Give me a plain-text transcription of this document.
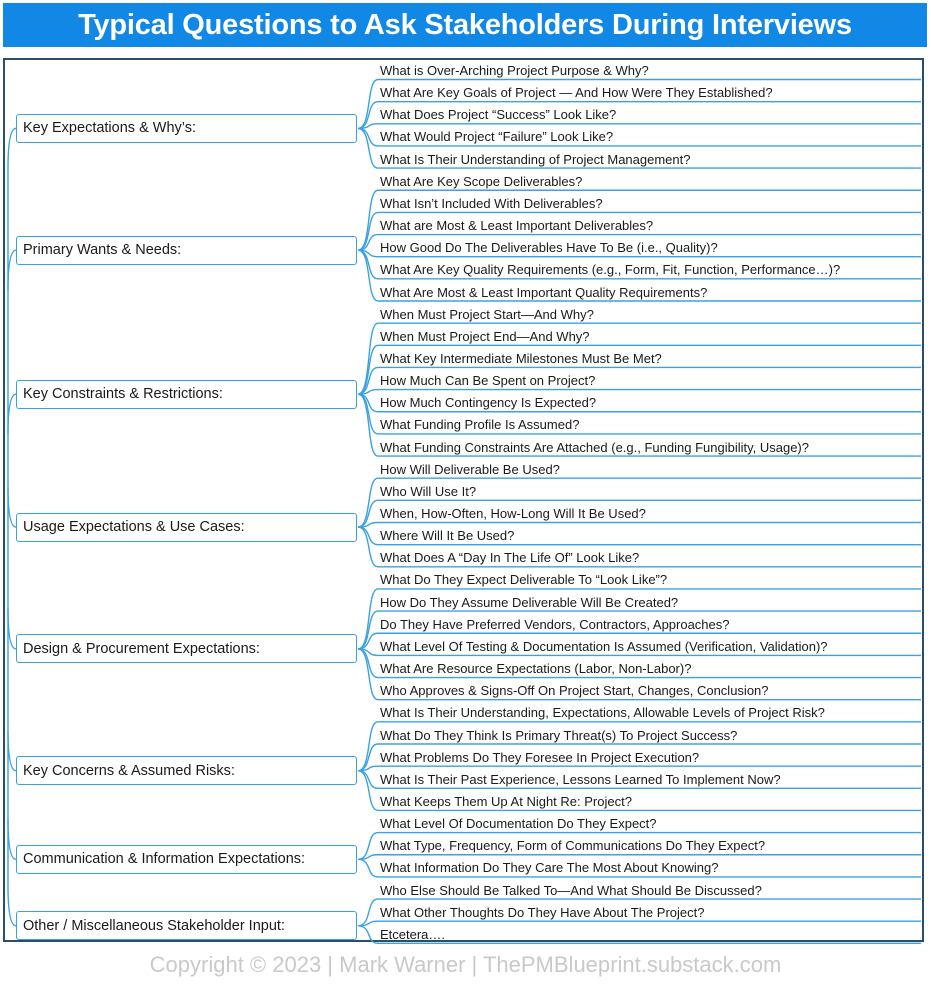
Typical Questions to Ask Stakeholders During Interviews
Key Expectations & Why’s:
What is Over-Arching Project Purpose & Why?
What Are Key Goals of Project — And How Were They Established?
What Does Project “Success” Look Like?
What Would Project “Failure” Look Like?
What Is Their Understanding of Project Management?
Primary Wants & Needs:
What Are Key Scope Deliverables?
What Isn’t Included With Deliverables?
What are Most & Least Important Deliverables?
How Good Do The Deliverables Have To Be (i.e., Quality)?
What Are Key Quality Requirements (e.g., Form, Fit, Function, Performance…)?
What Are Most & Least Important Quality Requirements?
Key Constraints & Restrictions:
When Must Project Start—And Why?
When Must Project End—And Why?
What Key Intermediate Milestones Must Be Met?
How Much Can Be Spent on Project?
How Much Contingency Is Expected?
What Funding Profile Is Assumed?
What Funding Constraints Are Attached (e.g., Funding Fungibility, Usage)?
Usage Expectations & Use Cases:
How Will Deliverable Be Used?
Who Will Use It?
When, How-Often, How-Long Will It Be Used?
Where Will It Be Used?
What Does A “Day In The Life Of” Look Like?
Design & Procurement Expectations:
What Do They Expect Deliverable To “Look Like”?
How Do They Assume Deliverable Will Be Created?
Do They Have Preferred Vendors, Contractors, Approaches?
What Level Of Testing & Documentation Is Assumed (Verification, Validation)?
What Are Resource Expectations (Labor, Non-Labor)?
Who Approves & Signs-Off On Project Start, Changes, Conclusion?
Key Concerns & Assumed Risks:
What Is Their Understanding, Expectations, Allowable Levels of Project Risk?
What Do They Think Is Primary Threat(s) To Project Success?
What Problems Do They Foresee In Project Execution?
What Is Their Past Experience, Lessons Learned To Implement Now?
What Keeps Them Up At Night Re: Project?
Communication & Information Expectations:
What Level Of Documentation Do They Expect?
What Type, Frequency, Form of Communications Do They Expect?
What Information Do They Care The Most About Knowing?
Other / Miscellaneous Stakeholder Input:
Who Else Should Be Talked To—And What Should Be Discussed?
What Other Thoughts Do They Have About The Project?
Etcetera….
Copyright © 2023 | Mark Warner | ThePMBlueprint.substack.com
